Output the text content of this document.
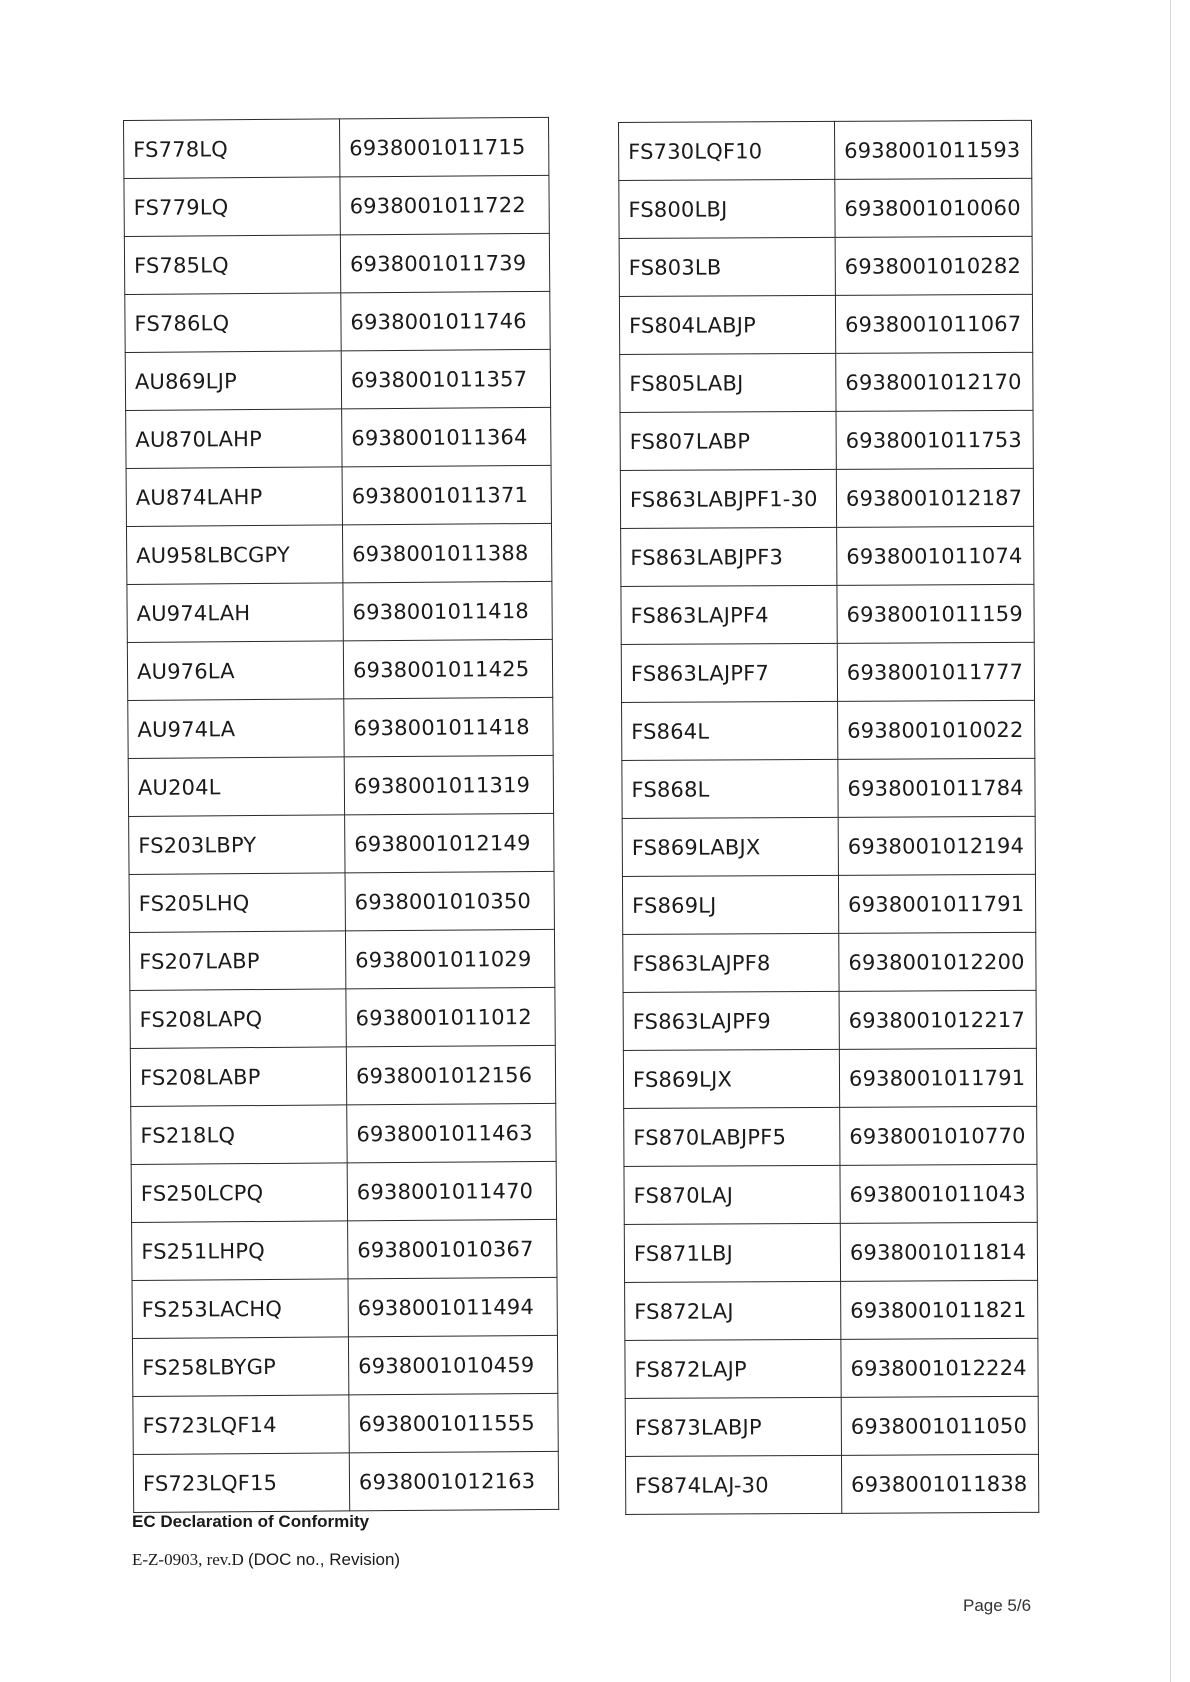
FS778LQ	6938001011715
FS779LQ	6938001011722
FS785LQ	6938001011739
FS786LQ	6938001011746
AU869LJP	6938001011357
AU870LAHP	6938001011364
AU874LAHP	6938001011371
AU958LBCGPY	6938001011388
AU974LAH	6938001011418
AU976LA	6938001011425
AU974LA	6938001011418
AU204L	6938001011319
FS203LBPY	6938001012149
FS205LHQ	6938001010350
FS207LABP	6938001011029
FS208LAPQ	6938001011012
FS208LABP	6938001012156
FS218LQ	6938001011463
FS250LCPQ	6938001011470
FS251LHPQ	6938001010367
FS253LACHQ	6938001011494
FS258LBYGP	6938001010459
FS723LQF14	6938001011555
FS723LQF15	6938001012163
FS730LQF10	6938001011593
FS800LBJ	6938001010060
FS803LB	6938001010282
FS804LABJP	6938001011067
FS805LABJ	6938001012170
FS807LABP	6938001011753
FS863LABJPF1-30	6938001012187
FS863LABJPF3	6938001011074
FS863LAJPF4	6938001011159
FS863LAJPF7	6938001011777
FS864L	6938001010022
FS868L	6938001011784
FS869LABJX	6938001012194
FS869LJ	6938001011791
FS863LAJPF8	6938001012200
FS863LAJPF9	6938001012217
FS869LJX	6938001011791
FS870LABJPF5	6938001010770
FS870LAJ	6938001011043
FS871LBJ	6938001011814
FS872LAJ	6938001011821
FS872LAJP	6938001012224
FS873LABJP	6938001011050
FS874LAJ-30	6938001011838
EC Declaration of Conformity
E-Z-0903, rev.D (DOC no., Revision)
Page 5/6
